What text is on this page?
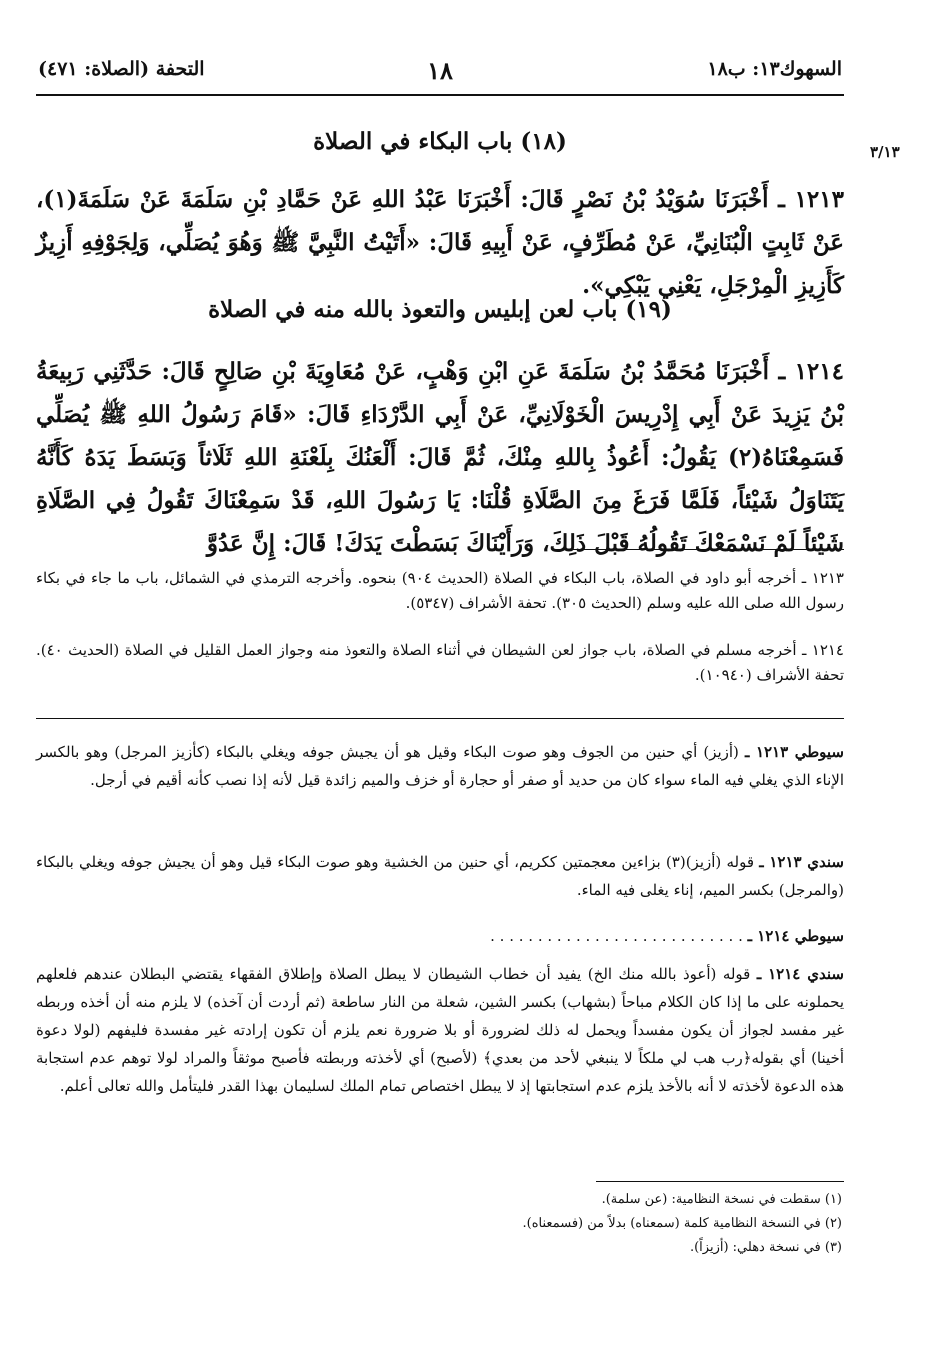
السهوك١٣: ب١٨
١٨
التحفة (الصلاة: ٤٧١)
٣/١٣
(١٨) باب البكاء في الصلاة

١٢١٣ ـ أَخْبَرَنَا سُوَيْدُ بْنُ نَصْرٍ قَالَ: أَخْبَرَنَا عَبْدُ اللهِ عَنْ حَمَّادِ بْنِ سَلَمَةَ عَنْ سَلَمَةَ(١)، عَنْ ثَابِتٍ الْبُنَانِيِّ، عَنْ مُطَرِّفٍ، عَنْ أَبِيهِ قَالَ: «أَتَيْتُ النَّبِيَّ ﷺ وَهُوَ يُصَلِّي، وَلِجَوْفِهِ أَزِيزٌ كَأَزِيزِ الْمِرْجَلِ، يَعْنِي يَبْكِي».

(١٩) باب لعن إبليس والتعوذ بالله منه في الصلاة

١٢١٤ ـ أَخْبَرَنَا مُحَمَّدُ بْنُ سَلَمَةَ عَنِ ابْنِ وَهْبٍ، عَنْ مُعَاوِيَةَ بْنِ صَالِحٍ قَالَ: حَدَّثَنِي رَبِيعَةُ بْنُ يَزِيدَ عَنْ أَبِي إِدْرِيسَ الْخَوْلَانِيِّ، عَنْ أَبِي الدَّرْدَاءِ قَالَ: «قَامَ رَسُولُ اللهِ ﷺ يُصَلِّي فَسَمِعْنَاهُ(٢) يَقُولُ: أَعُوذُ بِاللهِ مِنْكَ، ثُمَّ قَالَ: أَلْعَنُكَ بِلَعْنَةِ اللهِ ثَلَاثاً وَبَسَطَ يَدَهُ كَأَنَّهُ يَتَنَاوَلُ شَيْئاً، فَلَمَّا فَرَغَ مِنَ الصَّلَاةِ قُلْنَا: يَا رَسُولَ اللهِ، قَدْ سَمِعْنَاكَ تَقُولُ فِي الصَّلَاةِ شَيْئاً لَمْ نَسْمَعْكَ تَقُولُهُ قَبْلَ ذَلِكَ، وَرَأَيْنَاكَ بَسَطْتَ يَدَكَ! قَالَ: إِنَّ عَدُوَّ

١٢١٣ ـ أخرجه أبو داود في الصلاة، باب البكاء في الصلاة (الحديث ٩٠٤) بنحوه. وأخرجه الترمذي في الشمائل، باب ما جاء في بكاء رسول الله صلى الله عليه وسلم (الحديث ٣٠٥). تحفة الأشراف (٥٣٤٧).

١٢١٤ ـ أخرجه مسلم في الصلاة، باب جواز لعن الشيطان في أثناء الصلاة والتعوذ منه وجواز العمل القليل في الصلاة (الحديث ٤٠). تحفة الأشراف (١٠٩٤٠).

سيوطي ١٢١٣ ـ (أزيز) أي حنين من الجوف وهو صوت البكاء وقيل هو أن يجيش جوفه ويغلي بالبكاء (كأزيز المرجل) وهو بالكسر الإناء الذي يغلي فيه الماء سواء كان من حديد أو صفر أو حجارة أو خزف والميم زائدة قيل لأنه إذا نصب كأنه أقيم في أرجل.

سندي ١٢١٣ ـ قوله (أزيز)(٣) بزاءين معجمتين ككريم، أي حنين من الخشية وهو صوت البكاء قيل وهو أن يجيش جوفه ويغلي بالبكاء (والمرجل) بكسر الميم، إناء يغلى فيه الماء.

سيوطي ١٢١٤ ـ . . . . . . . . . . . . . . . . . . . . . . . . . . .

سندي ١٢١٤ ـ قوله (أعوذ بالله منك الخ) يفيد أن خطاب الشيطان لا يبطل الصلاة وإطلاق الفقهاء يقتضي البطلان عندهم فلعلهم يحملونه على ما إذا كان الكلام مباحاً (بشهاب) بكسر الشين، شعلة من النار ساطعة (ثم أردت أن آخذه) لا يلزم منه أن أخذه وربطه غير مفسد لجواز أن يكون مفسداً ويحمل له ذلك لضرورة أو بلا ضرورة نعم يلزم أن تكون إرادته غير مفسدة فليفهم (لولا دعوة أخينا) أي بقوله﴿رب هب لي ملكاً لا ينبغي لأحد من بعدي﴾ (لأصبح) أي لأخذته وربطته فأصبح موثقاً والمراد لولا توهم عدم استجابة هذه الدعوة لأخذته لا أنه بالأخذ يلزم عدم استجابتها إذ لا يبطل اختصاص تمام الملك لسليمان بهذا القدر فليتأمل والله تعالى أعلم.

(١) سقطت في نسخة النظامية: (عن سلمة).
(٢) في النسخة النظامية كلمة (سمعناه) بدلاً من (فسمعناه).
(٣) في نسخة دهلي: (أزيزاً).
